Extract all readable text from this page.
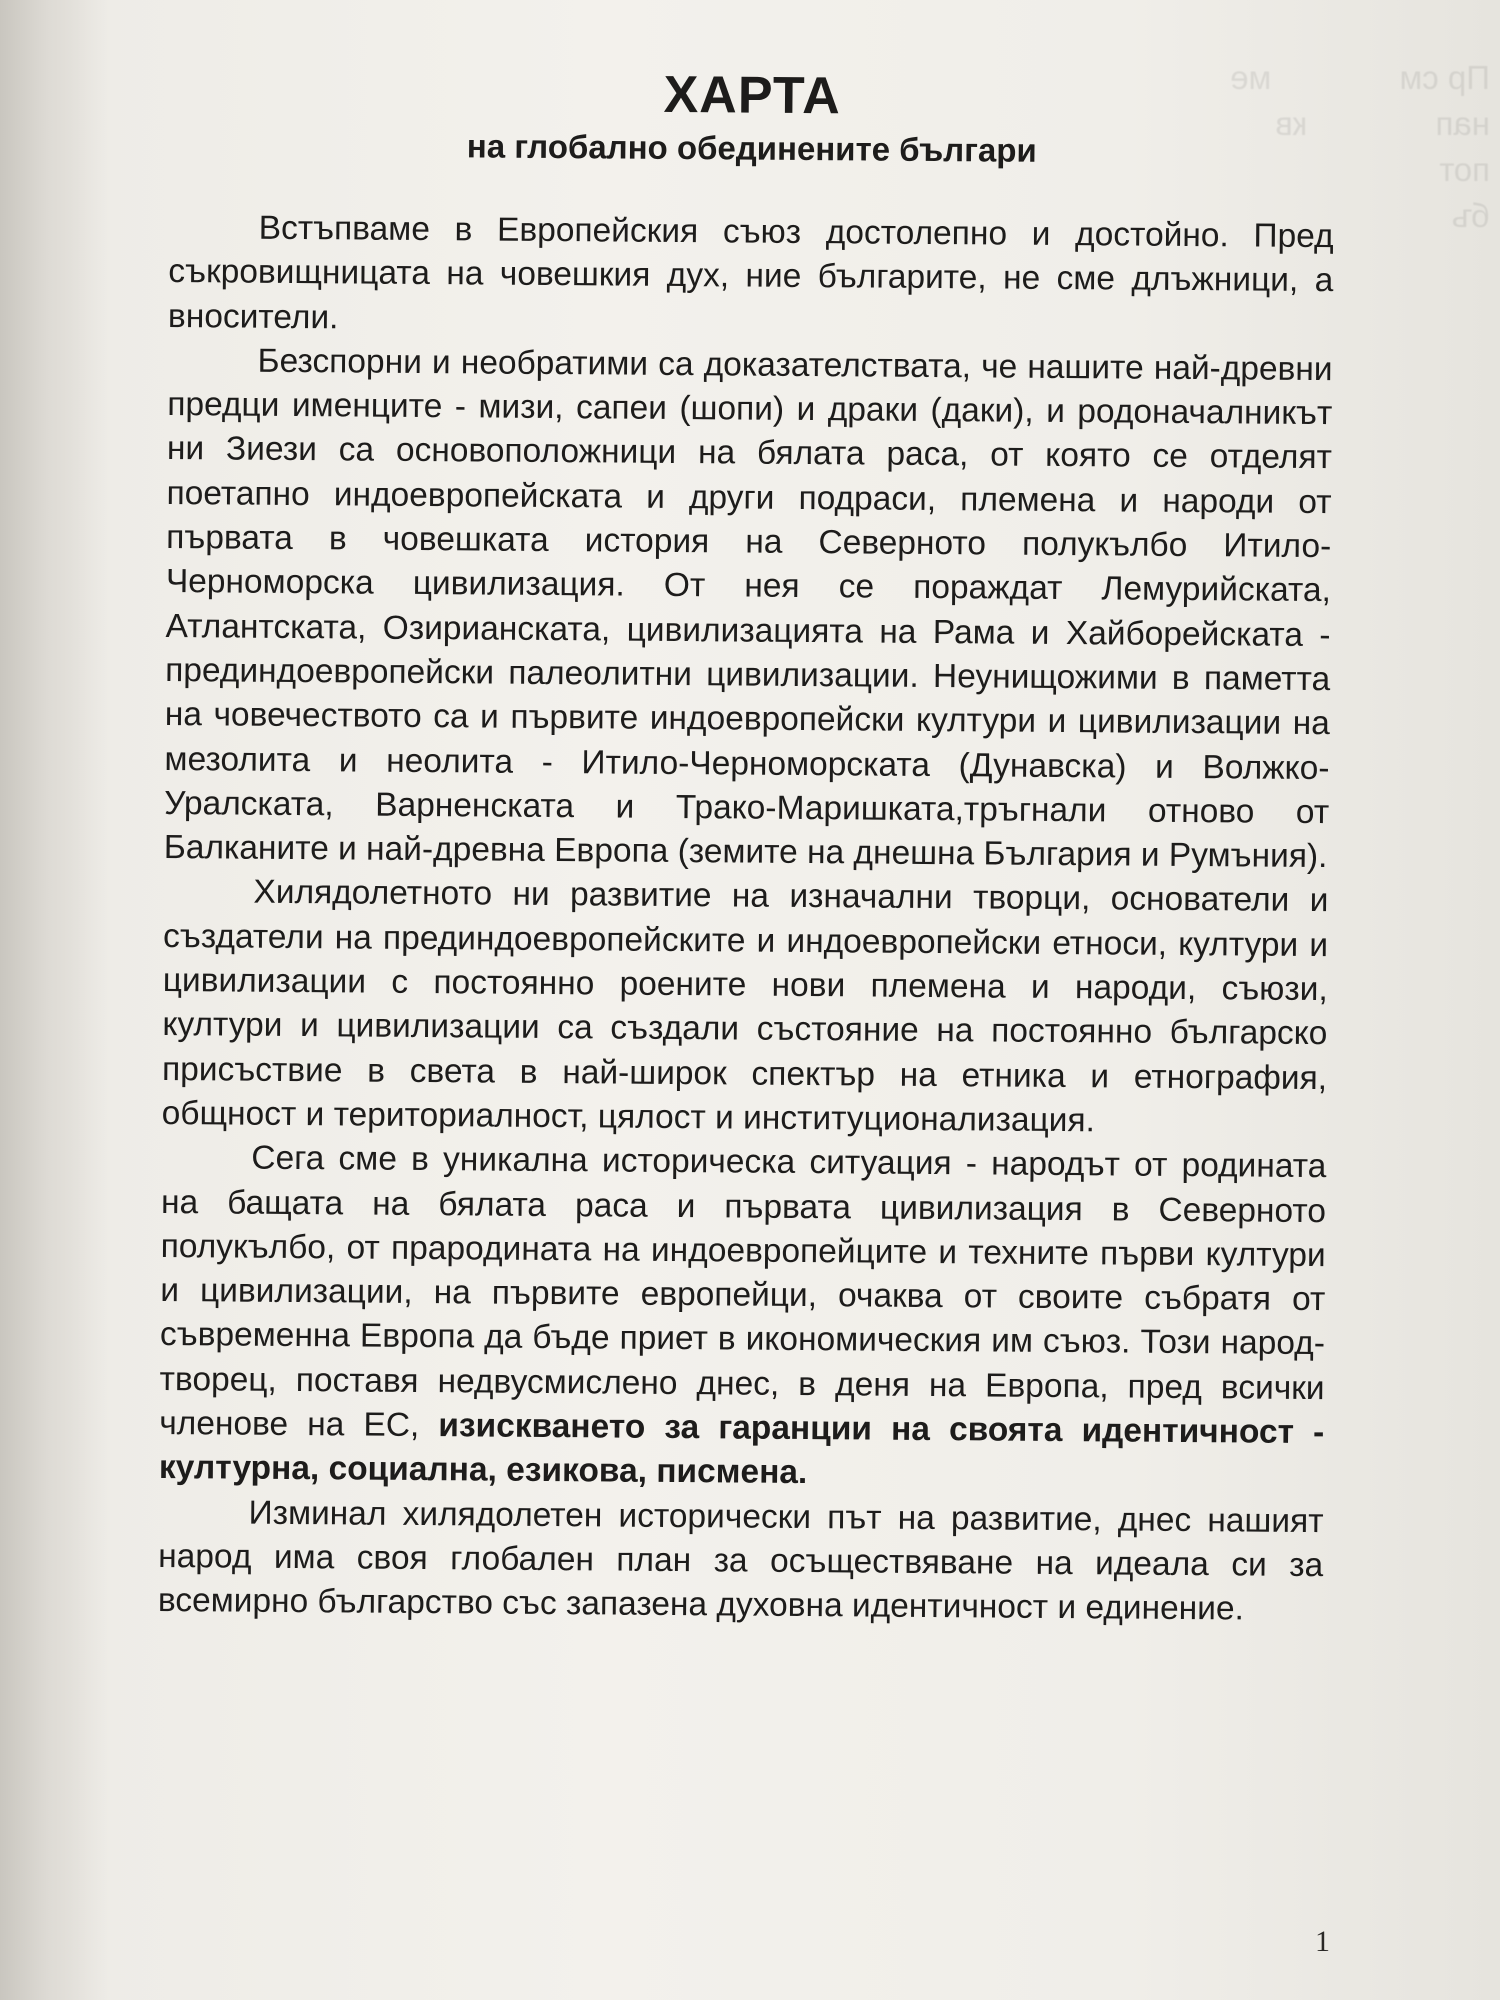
Пр см              ме
нап              кв
пот
бъ

ХАРТА
на глобално обединените българи

Встъпваме в Европейския съюз достолепно и достойно. Пред съкровищницата на човешкия дух, ние българите, не сме длъжници, а вносители.

Безспорни и необратими са доказателствата, че нашите най-древни предци именците - мизи, сапеи (шопи) и драки (даки), и родоначалникът ни Зиези са основоположници на бялата раса, от която се отделят поетапно индоевропейската и други подраси, племена и народи от първата в човешката история на Северното полукълбо Итило- Черноморска цивилизация. От нея се пораждат Лемурийската, Атлантската, Озирианската, цивилизацията на Рама и Хайборейската - прединдоевропейски палеолитни цивилизации. Неунищожими в паметта на човечеството са и първите индоевропейски култури и цивилизации на мезолита и неолита - Итило-Черноморската (Дунавска) и Волжко-Уралската, Варненската и Трако-Маришката,тръгнали отново от Балканите и най-древна Европа (земите на днешна България и Румъния).

Хилядолетното ни развитие на изначални творци, основатели и създатели на прединдоевропейските и индоевропейски етноси, култури и цивилизации с постоянно роените нови племена и народи, съюзи, култури и цивилизации са създали състояние на постоянно българско присъствие в света в най-широк спектър на етника и етнография, общност и териториалност, цялост и институционализация.

Сега сме в уникална историческа ситуация - народът от родината на бащата на бялата раса и първата цивилизация в Северното полукълбо, от прародината на индоевропейците и техните първи култури и цивилизации, на първите европейци, очаква от своите събратя от съвременна Европа да бъде приет в икономическия им съюз. Този народ-творец, поставя недвусмислено днес, в деня на Европа, пред всички членове на ЕС, изискването за гаранции на своята идентичност - културна, социална, езикова, писмена.

Изминал хилядолетен исторически път на развитие, днес нашият народ има своя глобален план за осъществяване на идеала си за всемирно българство със запазена духовна идентичност и единение.

1
